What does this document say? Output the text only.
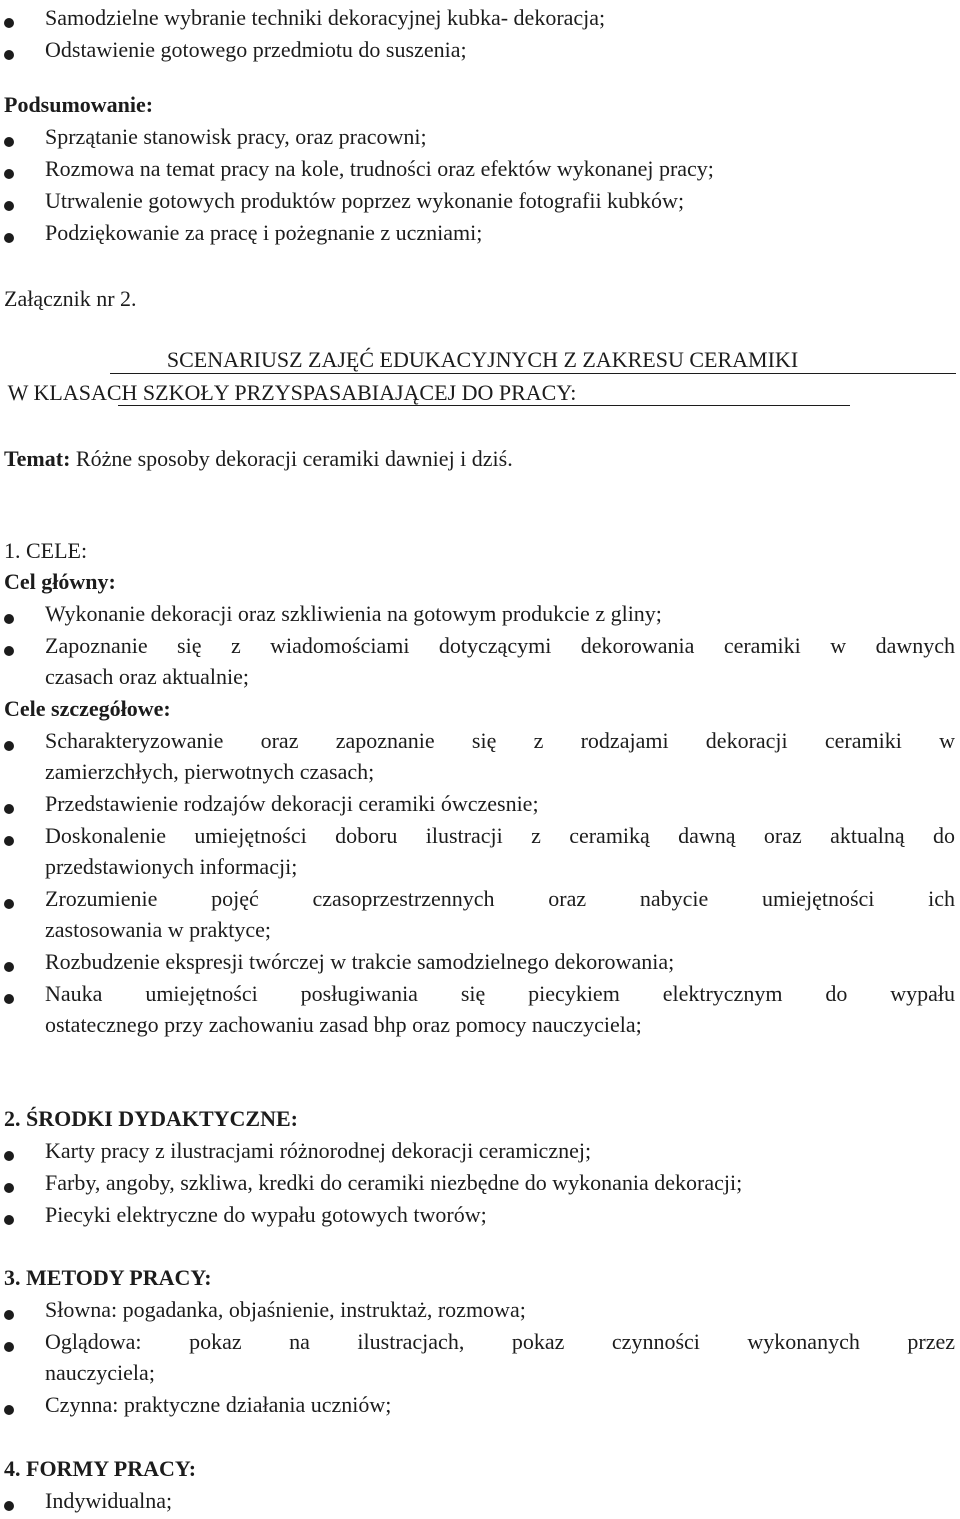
Samodzielne wybranie techniki dekoracyjnej kubka- dekoracja;
Odstawienie gotowego przedmiotu do suszenia;
Podsumowanie:
Sprzątanie stanowisk pracy, oraz pracowni;
Rozmowa na temat pracy na kole, trudności oraz efektów wykonanej pracy;
Utrwalenie gotowych produktów poprzez wykonanie fotografii kubków;
Podziękowanie za pracę i pożegnanie z uczniami;
Załącznik nr 2.
SCENARIUSZ ZAJĘĆ EDUKACYJNYCH Z ZAKRESU CERAMIKI
W KLASACH SZKOŁY PRZYSPASABIAJĄCEJ DO PRACY:
Temat: Różne sposoby dekoracji ceramiki dawniej i dziś.
1. CELE:
Cel główny:
Wykonanie dekoracji oraz szkliwienia na gotowym produkcie z gliny;
Zapoznanie się z wiadomościami dotyczącymi dekorowania ceramiki w dawnych
czasach oraz aktualnie;
Cele szczegółowe:
Scharakteryzowanie oraz zapoznanie się z rodzajami dekoracji ceramiki w
zamierzchłych, pierwotnych czasach;
Przedstawienie rodzajów dekoracji ceramiki ówczesnie;
Doskonalenie umiejętności doboru ilustracji z ceramiką dawną oraz aktualną do
przedstawionych informacji;
Zrozumienie pojęć czasoprzestrzennych oraz nabycie umiejętności ich
zastosowania w praktyce;
Rozbudzenie ekspresji twórczej w trakcie samodzielnego dekorowania;
Nauka umiejętności posługiwania się piecykiem elektrycznym do wypału
ostatecznego przy zachowaniu zasad bhp oraz pomocy nauczyciela;
2. ŚRODKI DYDAKTYCZNE:
Karty pracy z ilustracjami różnorodnej dekoracji ceramicznej;
Farby, angoby, szkliwa, kredki do ceramiki niezbędne do wykonania dekoracji;
Piecyki elektryczne do wypału gotowych tworów;
3. METODY PRACY:
Słowna: pogadanka, objaśnienie, instruktaż, rozmowa;
Oglądowa: pokaz na ilustracjach, pokaz czynności wykonanych przez
nauczyciela;
Czynna: praktyczne działania uczniów;
4. FORMY PRACY:
Indywidualna;
